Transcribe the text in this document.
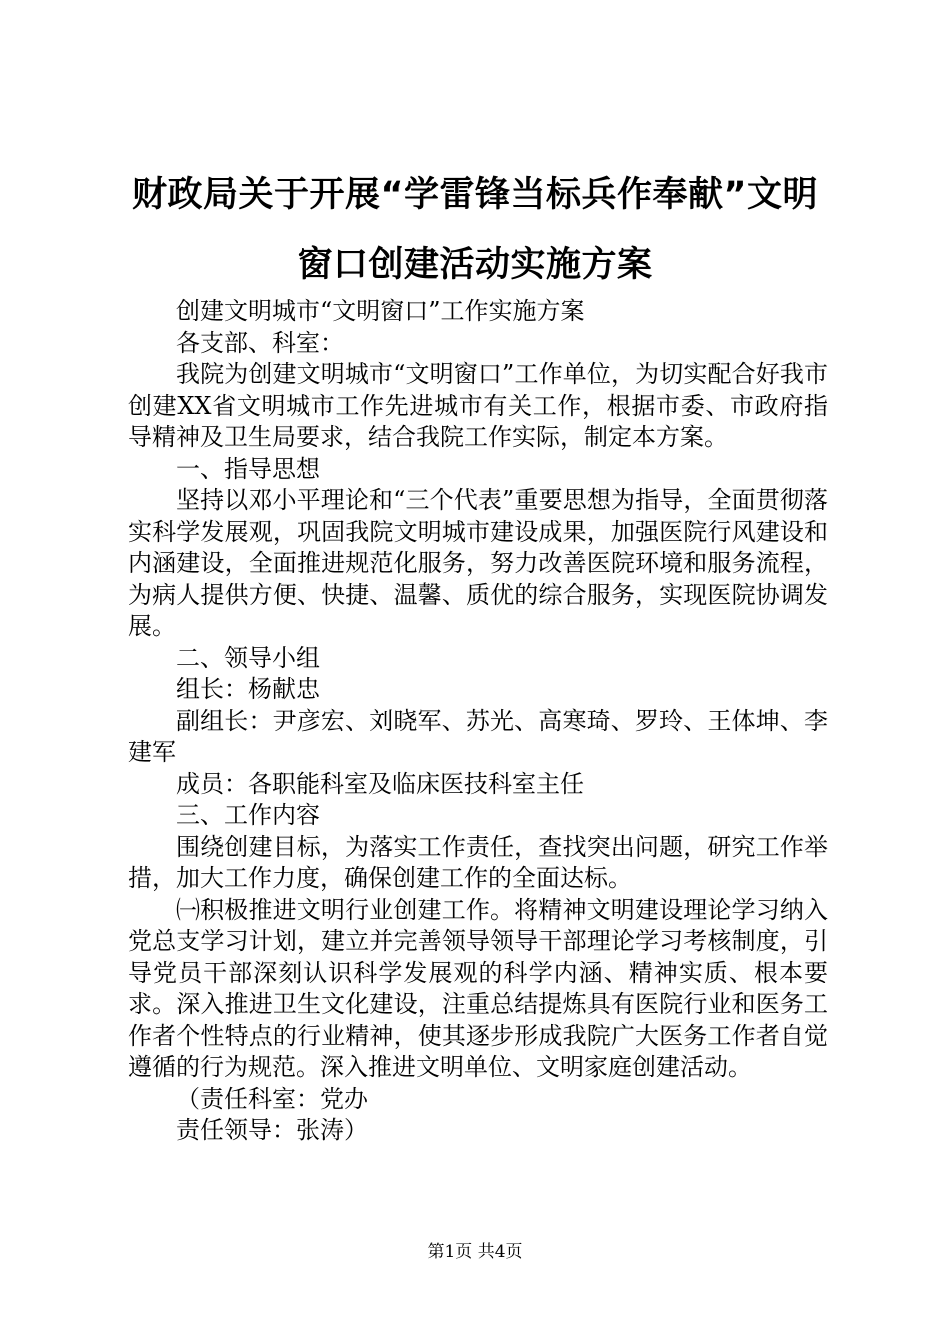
财政局关于开展“学雷锋当标兵作奉献”文明
窗口创建活动实施方案

创建文明城市“文明窗口”工作实施方案

各支部、科室：

我院为创建文明城市“文明窗口”工作单位，为切实配合好我市创建XX省文明城市工作先进城市有关工作，根据市委、市政府指导精神及卫生局要求，结合我院工作实际，制定本方案。

一、指导思想

坚持以邓小平理论和“三个代表”重要思想为指导，全面贯彻落实科学发展观，巩固我院文明城市建设成果，加强医院行风建设和内涵建设，全面推进规范化服务，努力改善医院环境和服务流程，为病人提供方便、快捷、温馨、质优的综合服务，实现医院协调发展。

二、领导小组

组长：杨献忠

副组长：尹彦宏、刘晓军、苏光、高寒琦、罗玲、王体坤、李建军

成员：各职能科室及临床医技科室主任

三、工作内容

围绕创建目标，为落实工作责任，查找突出问题，研究工作举措，加大工作力度，确保创建工作的全面达标。

㈠积极推进文明行业创建工作。将精神文明建设理论学习纳入党总支学习计划，建立并完善领导领导干部理论学习考核制度，引导党员干部深刻认识科学发展观的科学内涵、精神实质、根本要求。深入推进卫生文化建设，注重总结提炼具有医院行业和医务工作者个性特点的行业精神，使其逐步形成我院广大医务工作者自觉遵循的行为规范。深入推进文明单位、文明家庭创建活动。

（责任科室：党办

责任领导：张涛）

第1页 共4页
